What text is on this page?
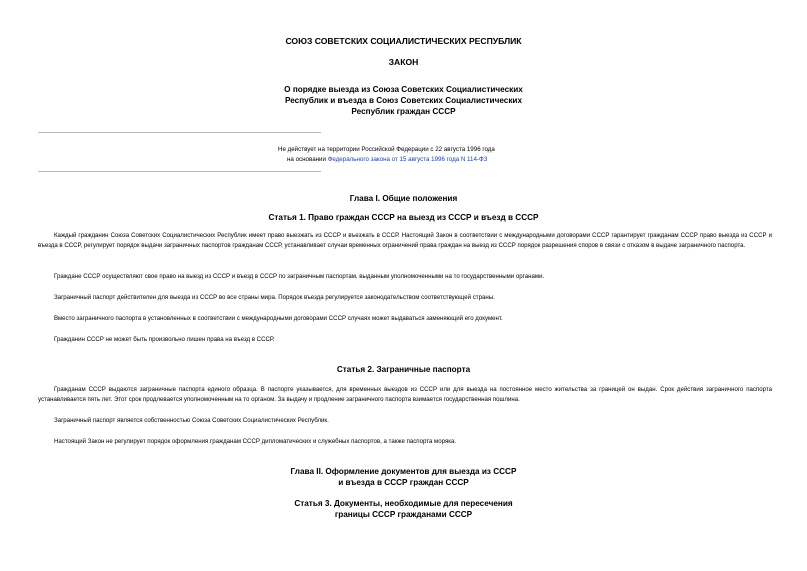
СОЮЗ СОВЕТСКИХ СОЦИАЛИСТИЧЕСКИХ РЕСПУБЛИК
ЗАКОН
О порядке выезда из Союза Советских Социалистических
Республик и въезда в Союз Советских Социалистических
Республик граждан СССР
Не действует на территории Российской Федерации с 22 августа 1996 года
на основании Федерального закона от 15 августа 1996 года N 114-ФЗ
Глава I. Общие положения
Статья 1. Право граждан СССР на выезд из СССР и въезд в СССР
Каждый гражданин Союза Советских Социалистических Республик имеет право выезжать из СССР и въезжать в СССР. Настоящий Закон в соответствии с международными договорами СССР гарантирует гражданам СССР право выезда из СССР и въезда в СССР, регулирует порядок выдачи заграничных паспортов гражданам СССР, устанавливает случаи временных ограничений права граждан на выезд из СССР порядок разрешения споров в связи с отказом в выдаче заграничного паспорта.
Граждане СССР осуществляют свое право на выезд из СССР и въезд в СССР по заграничным паспортам, выданным уполномоченными на то государственными органами.
Заграничный паспорт действителен для выезда из СССР во все страны мира. Порядок въезда регулируется законодательством соответствующей страны.
Вместо заграничного паспорта в установленных в соответствии с международными договорами СССР случаях может выдаваться заменяющий его документ.
Гражданин СССР не может быть произвольно лишен права на въезд в СССР.
Статья 2. Заграничные паспорта
Гражданам СССР выдаются заграничные паспорта единого образца. В паспорте указывается, для временных выездов из СССР или для выезда на постоянное место жительства за границей он выдан. Срок действия заграничного паспорта устанавливается пять лет. Этот срок продлевается уполномоченным на то органом. За выдачу и продление заграничного паспорта взимается государственная пошлина.
Заграничный паспорт является собственностью Союза Советских Социалистических Республик.
Настоящий Закон не регулирует порядок оформления гражданам СССР дипломатических и служебных паспортов, а также паспорта моряка.
Глава II. Оформление документов для выезда из СССР
и въезда в СССР граждан СССР
Статья 3. Документы, необходимые для пересечения
границы СССР гражданами СССР
